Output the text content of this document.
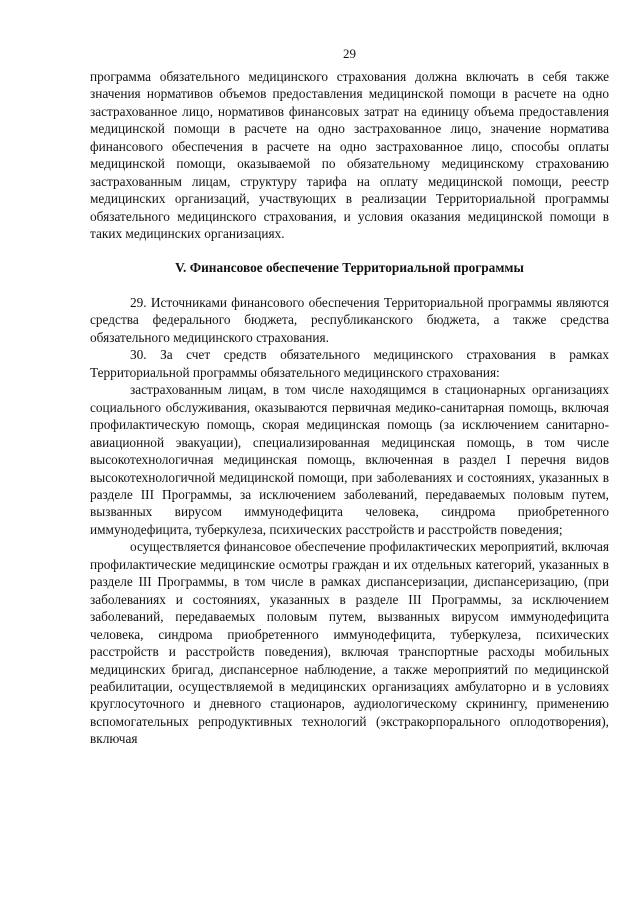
29

программа обязательного медицинского страхования должна включать в себя также значения нормативов объемов предоставления медицинской помощи в расчете на одно застрахованное лицо, нормативов финансовых затрат на единицу объема предоставления медицинской помощи в расчете на одно застрахованное лицо, значение норматива финансового обеспечения в расчете на одно застрахованное лицо, способы оплаты медицинской помощи, оказываемой по обязательному медицинскому страхованию застрахованным лицам, структуру тарифа на оплату медицинской помощи, реестр медицинских организаций, участвующих в реализации Территориальной программы обязательного медицинского страхования, и условия оказания медицинской помощи в таких медицинских организациях.

V. Финансовое обеспечение Территориальной программы

29. Источниками финансового обеспечения Территориальной программы являются средства федерального бюджета, республиканского бюджета, а также средства обязательного медицинского страхования.

30. За счет средств обязательного медицинского страхования в рамках Территориальной программы обязательного медицинского страхования:

застрахованным лицам, в том числе находящимся в стационарных организациях социального обслуживания, оказываются первичная медико-санитарная помощь, включая профилактическую помощь, скорая медицинская помощь (за исключением санитарно-авиационной эвакуации), специализированная медицинская помощь, в том числе высокотехнологичная медицинская помощь, включенная в раздел I перечня видов высокотехнологичной медицинской помощи, при заболеваниях и состояниях, указанных в разделе III Программы, за исключением заболеваний, передаваемых половым путем, вызванных вирусом иммунодефицита человека, синдрома приобретенного иммунодефицита, туберкулеза, психических расстройств и расстройств поведения;

осуществляется финансовое обеспечение профилактических мероприятий, включая профилактические медицинские осмотры граждан и их отдельных категорий, указанных в разделе III Программы, в том числе в рамках диспансеризации, диспансеризацию, (при заболеваниях и состояниях, указанных в разделе III Программы, за исключением заболеваний, передаваемых половым путем, вызванных вирусом иммунодефицита человека, синдрома приобретенного иммунодефицита, туберкулеза, психических расстройств и расстройств поведения), включая транспортные расходы мобильных медицинских бригад, диспансерное наблюдение, а также мероприятий по медицинской реабилитации, осуществляемой в медицинских организациях амбулаторно и в условиях круглосуточного и дневного стационаров, аудиологическому скринингу, применению вспомогательных репродуктивных технологий (экстракорпорального оплодотворения), включая
